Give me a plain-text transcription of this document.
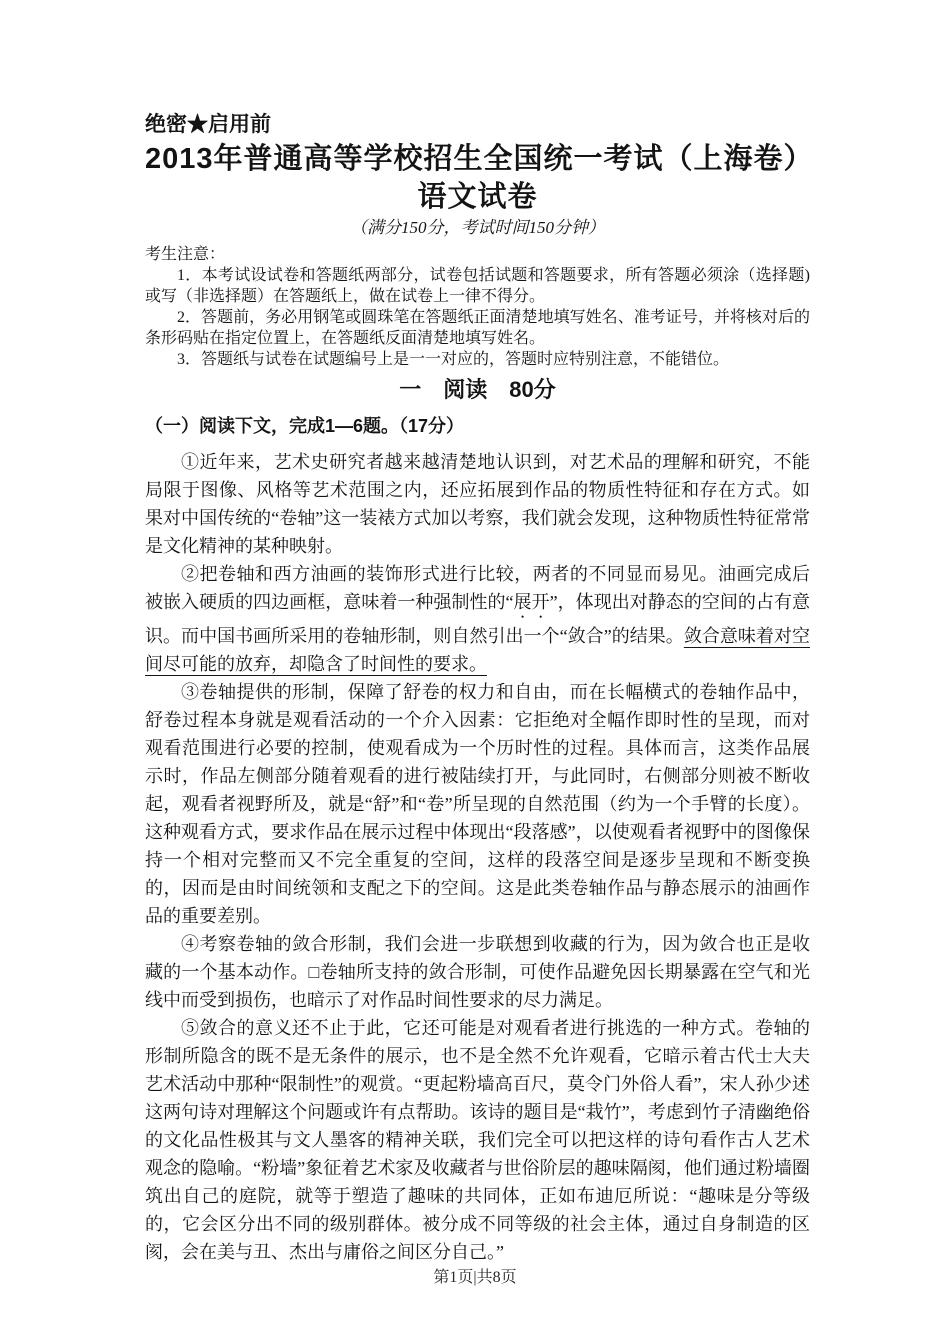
绝密★启用前
2013年普通高等学校招生全国统一考试（上海卷）
语文试卷
（满分150分，考试时间150分钟）
考生注意：

1．本考试设试卷和答题纸两部分，试卷包括试题和答题要求，所有答题必须涂（选择题)或写（非选择题）在答题纸上，做在试卷上一律不得分。

2．答题前，务必用钢笔或圆珠笔在答题纸正面清楚地填写姓名、准考证号，并将核对后的条形码贴在指定位置上，在答题纸反面清楚地填写姓名。

3．答题纸与试卷在试题编号上是一一对应的，答题时应特别注意，不能错位。

一　阅读　80分
（一）阅读下文，完成1—6题。（17分）

①近年来，艺术史研究者越来越清楚地认识到，对艺术品的理解和研究，不能局限于图像、风格等艺术范围之内，还应拓展到作品的物质性特征和存在方式。如果对中国传统的“卷轴”这一装裱方式加以考察，我们就会发现，这种物质性特征常常是文化精神的某种映射。

②把卷轴和西方油画的装饰形式进行比较，两者的不同显而易见。油画完成后被嵌入硬质的四边画框，意味着一种强制性的“展开”，体现出对静态的空间的占有意识。而中国书画所采用的卷轴形制，则自然引出一个“敛合”的结果。敛合意味着对空间尽可能的放弃，却隐含了时间性的要求。

③卷轴提供的形制，保障了舒卷的权力和自由，而在长幅横式的卷轴作品中，舒卷过程本身就是观看活动的一个介入因素：它拒绝对全幅作即时性的呈现，而对观看范围进行必要的控制，使观看成为一个历时性的过程。具体而言，这类作品展示时，作品左侧部分随着观看的进行被陆续打开，与此同时，右侧部分则被不断收起，观看者视野所及，就是“舒”和“卷”所呈现的自然范围（约为一个手臂的长度）。这种观看方式，要求作品在展示过程中体现出“段落感”，以使观看者视野中的图像保持一个相对完整而又不完全重复的空间，这样的段落空间是逐步呈现和不断变换的，因而是由时间统领和支配之下的空间。这是此类卷轴作品与静态展示的油画作品的重要差别。

④考察卷轴的敛合形制，我们会进一步联想到收藏的行为，因为敛合也正是收藏的一个基本动作。□卷轴所支持的敛合形制，可使作品避免因长期暴露在空气和光线中而受到损伤，也暗示了对作品时间性要求的尽力满足。

⑤敛合的意义还不止于此，它还可能是对观看者进行挑选的一种方式。卷轴的形制所隐含的既不是无条件的展示，也不是全然不允许观看，它暗示着古代士大夫艺术活动中那种“限制性”的观赏。“更起粉墙高百尺，莫令门外俗人看”，宋人孙少述这两句诗对理解这个问题或许有点帮助。该诗的题目是“栽竹”，考虑到竹子清幽绝俗的文化品性极其与文人墨客的精神关联，我们完全可以把这样的诗句看作古人艺术观念的隐喻。“粉墙”象征着艺术家及收藏者与世俗阶层的趣味隔阂，他们通过粉墙圈筑出自己的庭院，就等于塑造了趣味的共同体，正如布迪厄所说：“趣味是分等级的，它会区分出不同的级别群体。被分成不同等级的社会主体，通过自身制造的区阂，会在美与丑、杰出与庸俗之间区分自己。”

第1页|共8页
